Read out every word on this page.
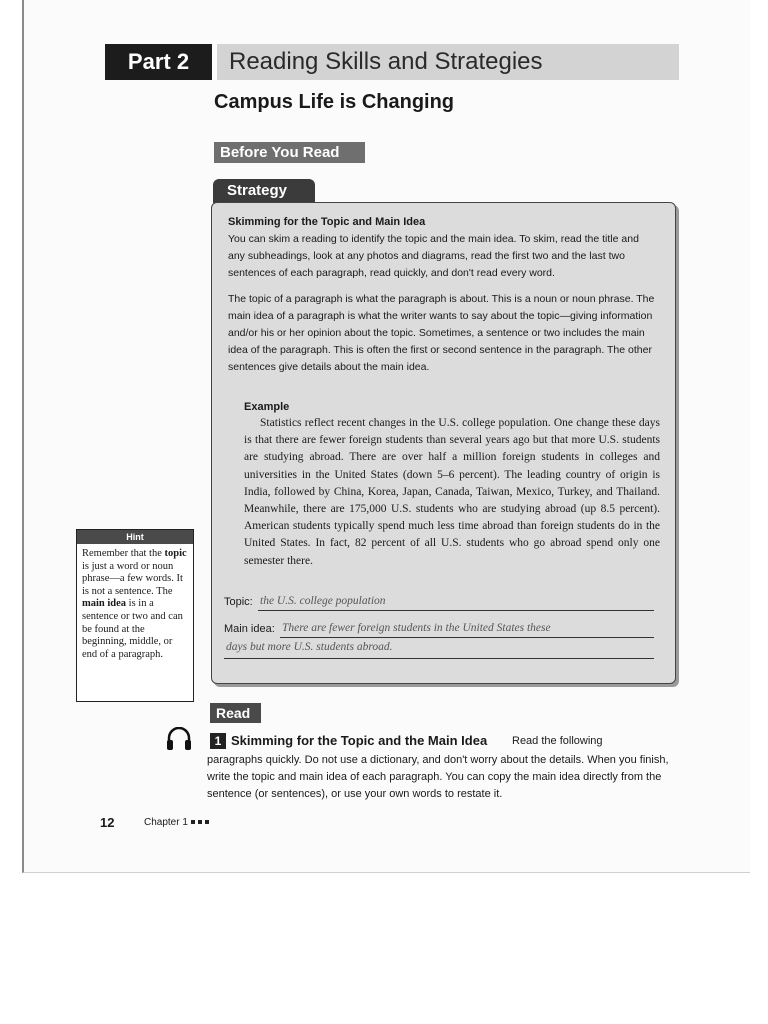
Part 2	Reading Skills and Strategies
Campus Life is Changing
Before You Read
Strategy
Skimming for the Topic and Main Idea
You can skim a reading to identify the topic and the main idea. To skim, read the title and any subheadings, look at any photos and diagrams, read the first two and the last two sentences of each paragraph, read quickly, and don't read every word.
The topic of a paragraph is what the paragraph is about. This is a noun or noun phrase. The main idea of a paragraph is what the writer wants to say about the topic—giving information and/or his or her opinion about the topic. Sometimes, a sentence or two includes the main idea of the paragraph. This is often the first or second sentence in the paragraph. The other sentences give details about the main idea.
Example
Statistics reflect recent changes in the U.S. college population. One change these days is that there are fewer foreign students than several years ago but that more U.S. students are studying abroad. There are over half a million foreign students in colleges and universities in the United States (down 5–6 percent). The leading country of origin is India, followed by China, Korea, Japan, Canada, Taiwan, Mexico, Turkey, and Thailand. Meanwhile, there are 175,000 U.S. students who are studying abroad (up 8.5 percent). American students typically spend much less time abroad than foreign students do in the United States. In fact, 82 percent of all U.S. students who go abroad spend only one semester there.
Topic: the U.S. college population
Main idea: There are fewer foreign students in the United States these
days but more U.S. students abroad.
Hint
Remember that the topic is just a word or noun phrase—a few words. It is not a sentence. The main idea is in a sentence or two and can be found at the beginning, middle, or end of a paragraph.
Read
1 Skimming for the Topic and the Main Idea Read the following
paragraphs quickly. Do not use a dictionary, and don't worry about the details. When you finish, write the topic and main idea of each paragraph. You can copy the main idea directly from the sentence (or sentences), or use your own words to restate it.
12	Chapter 1
